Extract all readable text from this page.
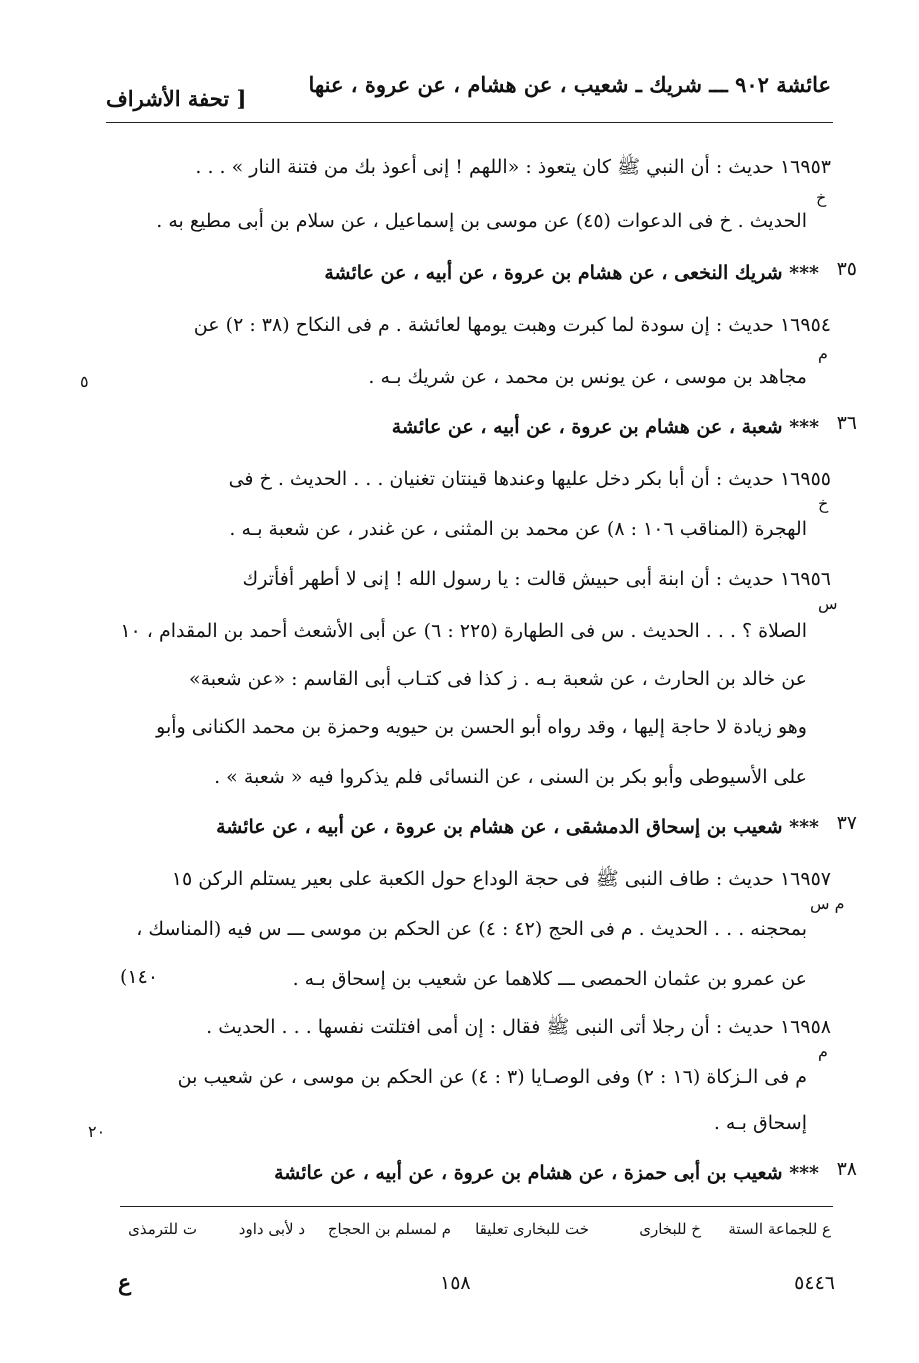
عائشة ٩٠٢ ـــ شريك ـ شعيب ، عن هشام ، عن عروة ، عنها
[ تحفة الأشراف
١٦٩٥٣ حديث : أن النبي ﷺ كان يتعوذ : «اللهم ! إنى أعوذ بك من فتنة النار » . . .
خ
الحديث . خ فى الدعوات (٤٥) عن موسى بن إسماعيل ، عن سلام بن أبى مطيع به .
٣٥
*** شريك النخعى ، عن هشام بن عروة ، عن أبيه ، عن عائشة
١٦٩٥٤ حديث : إن سودة لما كبرت وهبت يومها لعائشة . م فى النكاح (٣٨ : ٢) عن
م
مجاهد بن موسى ، عن يونس بن محمد ، عن شريك بـه .
٥
٣٦
*** شعبة ، عن هشام بن عروة ، عن أبيه ، عن عائشة
١٦٩٥٥ حديث : أن أبا بكر دخل عليها وعندها قينتان تغنيان . . . الحديث . خ فى
خ
الهجرة (المناقب ١٠٦ : ٨) عن محمد بن المثنى ، عن غندر ، عن شعبة بـه .
١٦٩٥٦ حديث : أن ابنة أبى حبيش قالت : يا رسول الله ! إنى لا أطهر أفأترك
س
الصلاة ؟ . . . الحديث . س فى الطهارة (٢٢٥ : ٦) عن أبى الأشعث أحمد بن المقدام ، ١٠
عن خالد بن الحارث ، عن شعبة بـه . ز كذا فى كتـاب أبى القاسم : «عن شعبة»
وهو زيادة لا حاجة إليها ، وقد رواه أبو الحسن بن حيويه وحمزة بن محمد الكنانى وأبو
على الأسيوطى وأبو بكر بن السنى ، عن النسائى فلم يذكروا فيه « شعبة » .
٣٧
*** شعيب بن إسحاق الدمشقى ، عن هشام بن عروة ، عن أبيه ، عن عائشة
١٦٩٥٧ حديث : طاف النبى ﷺ فى حجة الوداع حول الكعبة على بعير يستلم الركن ١٥
م س
بمحجنه . . . الحديث . م فى الحج (٤٢ : ٤) عن الحكم بن موسى ـــ س فيه (المناسك ،
١٤٠)	عن عمرو بن عثمان الحمصى ـــ كلاهما عن شعيب بن إسحاق بـه .
١٦٩٥٨ حديث : أن رجلا أتى النبى ﷺ فقال : إن أمى افتلتت نفسها . . . الحديث .
م
م فى الـزكاة (١٦ : ٢) وفى الوصـايا (٣ : ٤) عن الحكم بن موسى ، عن شعيب بن
إسحاق بـه .
٢٠
٣٨
*** شعيب بن أبى حمزة ، عن هشام بن عروة ، عن أبيه ، عن عائشة
ع للجماعة الستة
خ للبخارى
خت للبخارى تعليقا
م لمسلم بن الحجاج
د لأبى داود
ت للترمذى
٥٤٤٦
١٥٨
ع
